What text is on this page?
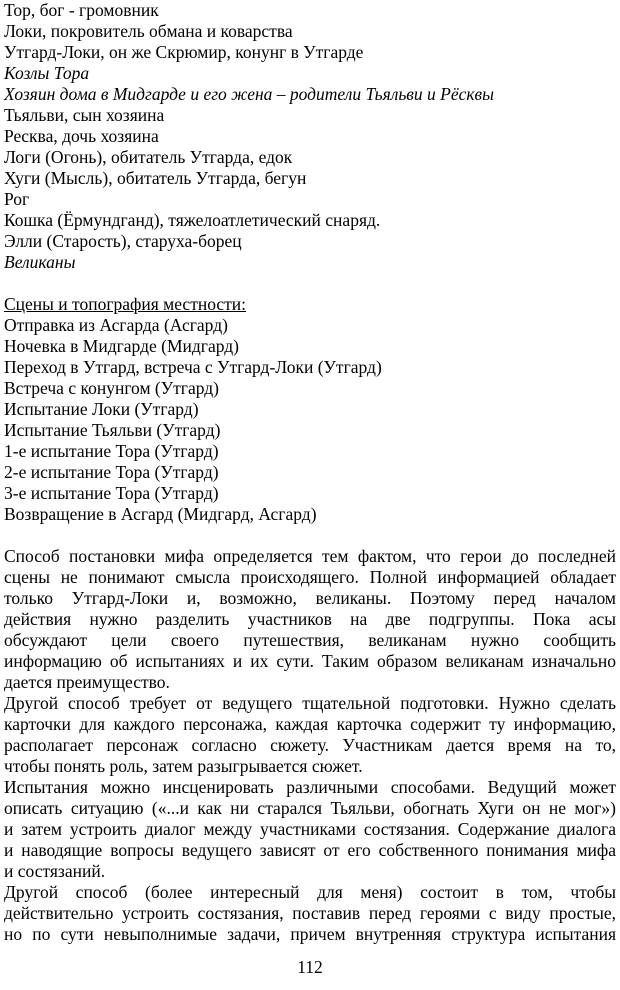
Тор, бог - громовник
Локи, покровитель обмана и коварства
Утгард-Локи, он же Скрюмир, конунг в Утгарде
Козлы Тора
Хозяин дома в Мидгарде и его жена – родители Тьяльви и Рёсквы
Тьяльви, сын хозяина
Реcква, дочь хозяина
Логи (Огонь), обитатель Утгарда, едок
Хуги (Мысль), обитатель Утгарда, бегун
Рог
Кошка (Ёрмундганд), тяжелоатлетический снаряд.
Элли (Старость), старуха-борец
Великаны
Сцены и топография местности:
Отправка из Асгарда (Асгард)
Ночевка в Мидгарде (Мидгард)
Переход в Утгард, встреча с Утгард-Локи (Утгард)
Встреча с конунгом (Утгард)
Испытание Локи (Утгард)
Испытание Тьяльви (Утгард)
1-е испытание Тора (Утгард)
2-е испытание Тора (Утгард)
3-е испытание Тора (Утгард)
Возвращение в Асгард (Мидгард, Асгард)
Способ постановки мифа определяется тем фактом, что герои до последней
сцены не понимают смысла происходящего. Полной информацией обладает
только Утгард-Локи и, возможно, великаны. Поэтому перед началом
действия нужно разделить участников на две подгруппы. Пока асы
обсуждают цели своего путешествия, великанам нужно сообщить
информацию об испытаниях и их сути. Таким образом великанам изначально
дается преимущество.
Другой способ требует от ведущего тщательной подготовки. Нужно сделать
карточки для каждого персонажа, каждая карточка содержит ту информацию,
располагает персонаж согласно сюжету. Участникам дается время на то,
чтобы понять роль, затем разыгрывается сюжет.
Испытания можно инсценировать различными способами. Ведущий может
описать ситуацию («...и как ни старался Тьяльви, обогнать Хуги он не мог»)
и затем устроить диалог между участниками состязания. Содержание диалога
и наводящие вопросы ведущего зависят от его собственного понимания мифа
и состязаний.
Другой способ (более интересный для меня) состоит в том, чтобы
действительно устроить состязания, поставив перед героями с виду простые,
но по сути невыполнимые задачи, причем внутренняя структура испытания
112
